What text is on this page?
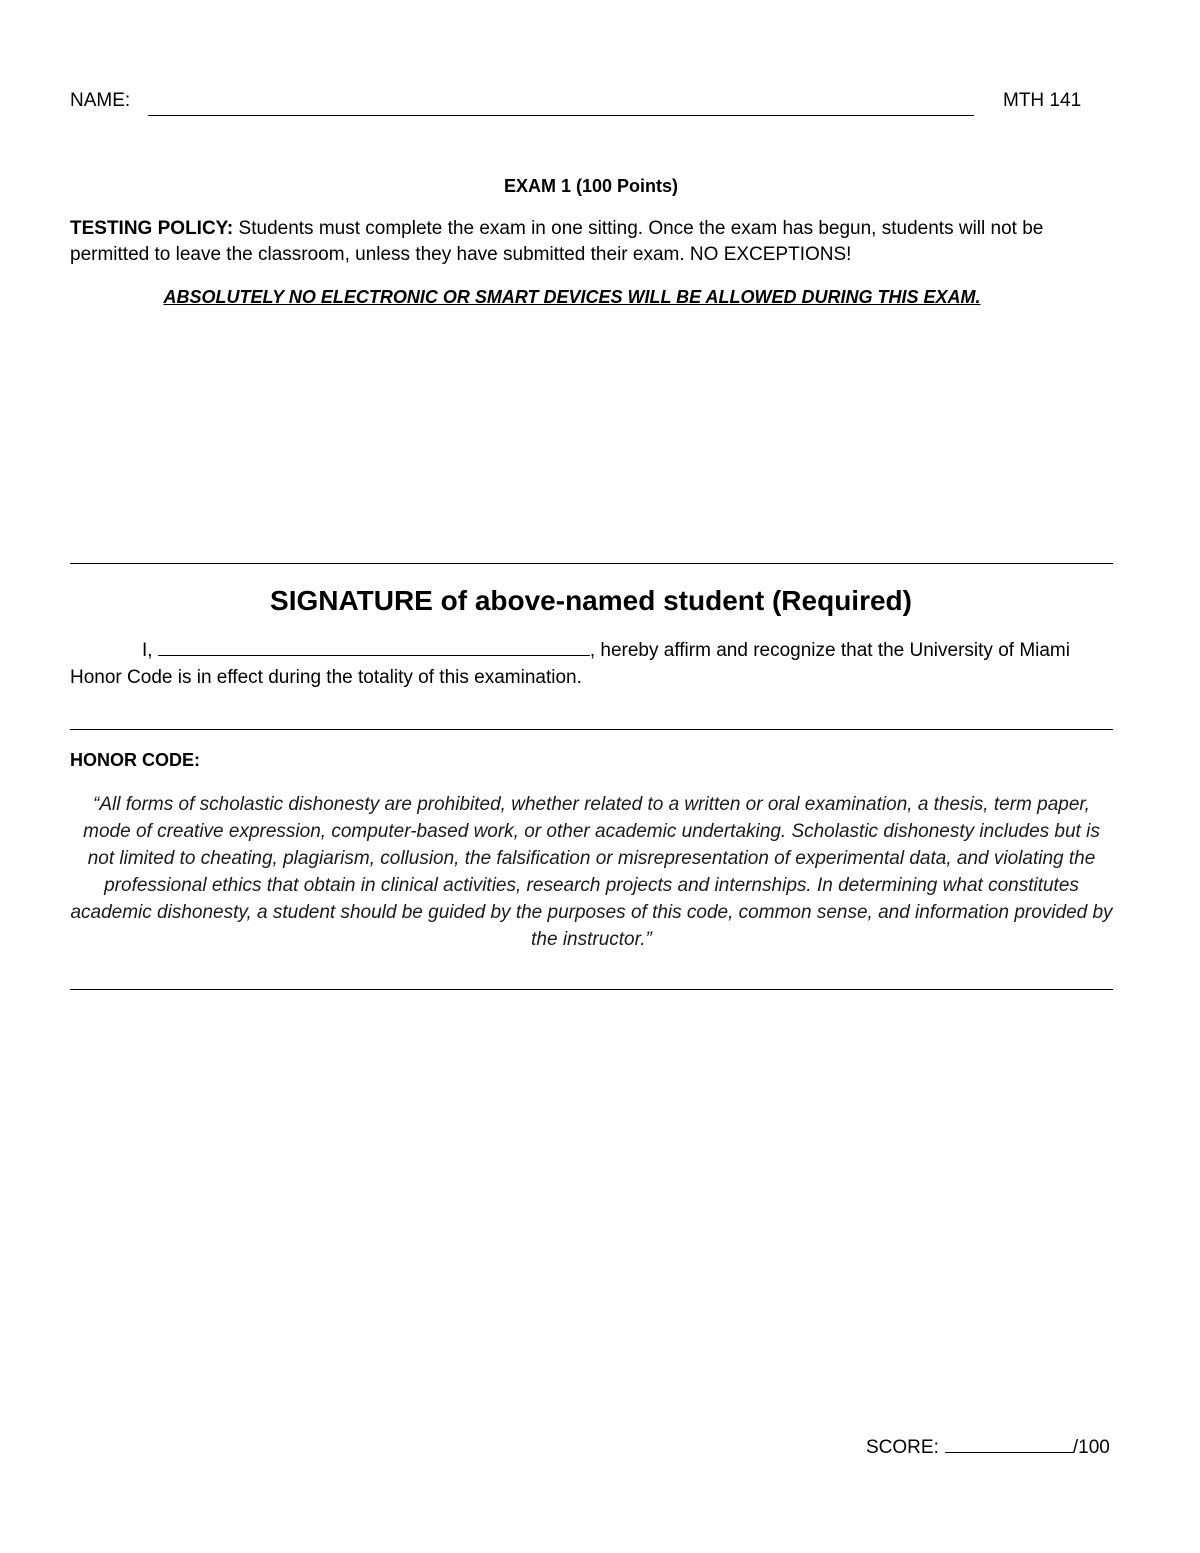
NAME:	MTH 141
EXAM 1 (100 Points)
TESTING POLICY: Students must complete the exam in one sitting. Once the exam has begun, students will not be permitted to leave the classroom, unless they have submitted their exam. NO EXCEPTIONS!
ABSOLUTELY NO ELECTRONIC OR SMART DEVICES WILL BE ALLOWED DURING THIS EXAM.
SIGNATURE of above-named student (Required)
I,	, hereby affirm and recognize that the University of Miami Honor Code is in effect during the totality of this examination.
HONOR CODE:
“All forms of scholastic dishonesty are prohibited, whether related to a written or oral examination, a thesis, term paper, mode of creative expression, computer-based work, or other academic undertaking. Scholastic dishonesty includes but is not limited to cheating, plagiarism, collusion, the falsification or misrepresentation of experimental data, and violating the professional ethics that obtain in clinical activities, research projects and internships. In determining what constitutes academic dishonesty, a student should be guided by the purposes of this code, common sense, and information provided by the instructor.”
SCORE:	/100
